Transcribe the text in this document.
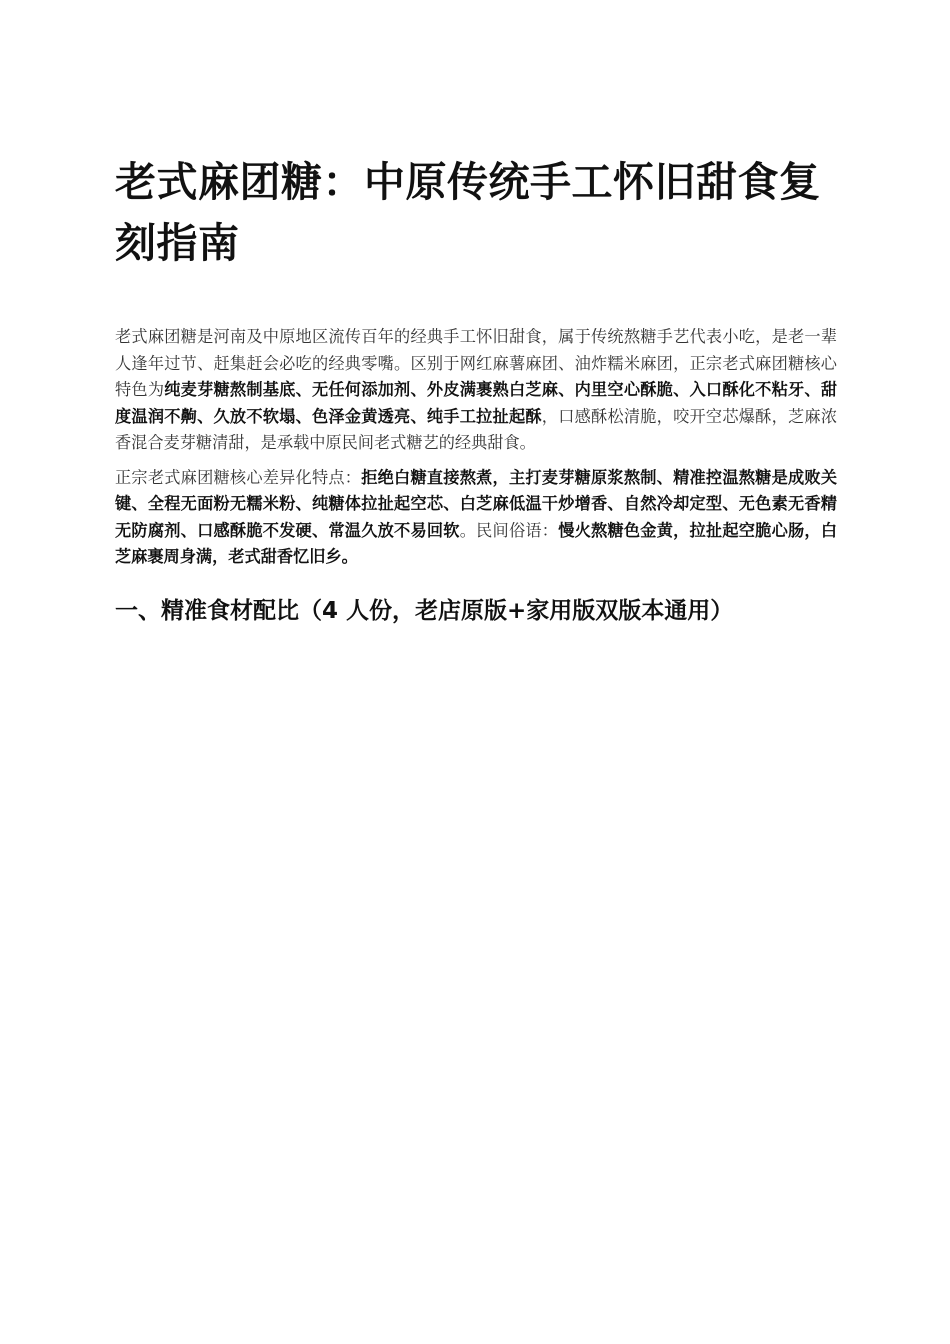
老式麻团糖：中原传统手工怀旧甜食复刻指南

老式麻团糖是河南及中原地区流传百年的经典手工怀旧甜食，属于传统熬糖手艺代表小吃，是老一辈人逢年过节、赶集赶会必吃的经典零嘴。区别于网红麻薯麻团、油炸糯米麻团，正宗老式麻团糖核心特色为纯麦芽糖熬制基底、无任何添加剂、外皮满裹熟白芝麻、内里空心酥脆、入口酥化不粘牙、甜度温润不齁、久放不软塌、色泽金黄透亮、纯手工拉扯起酥，口感酥松清脆，咬开空芯爆酥，芝麻浓香混合麦芽糖清甜，是承载中原民间老式糖艺的经典甜食。

正宗老式麻团糖核心差异化特点：拒绝白糖直接熬煮，主打麦芽糖原浆熬制、精准控温熬糖是成败关键、全程无面粉无糯米粉、纯糖体拉扯起空芯、白芝麻低温干炒增香、自然冷却定型、无色素无香精无防腐剂、口感酥脆不发硬、常温久放不易回软。民间俗语：慢火熬糖色金黄，拉扯起空脆心肠，白芝麻裹周身满，老式甜香忆旧乡。

一、精准食材配比（4 人份，老店原版+家用版双版本通用）
